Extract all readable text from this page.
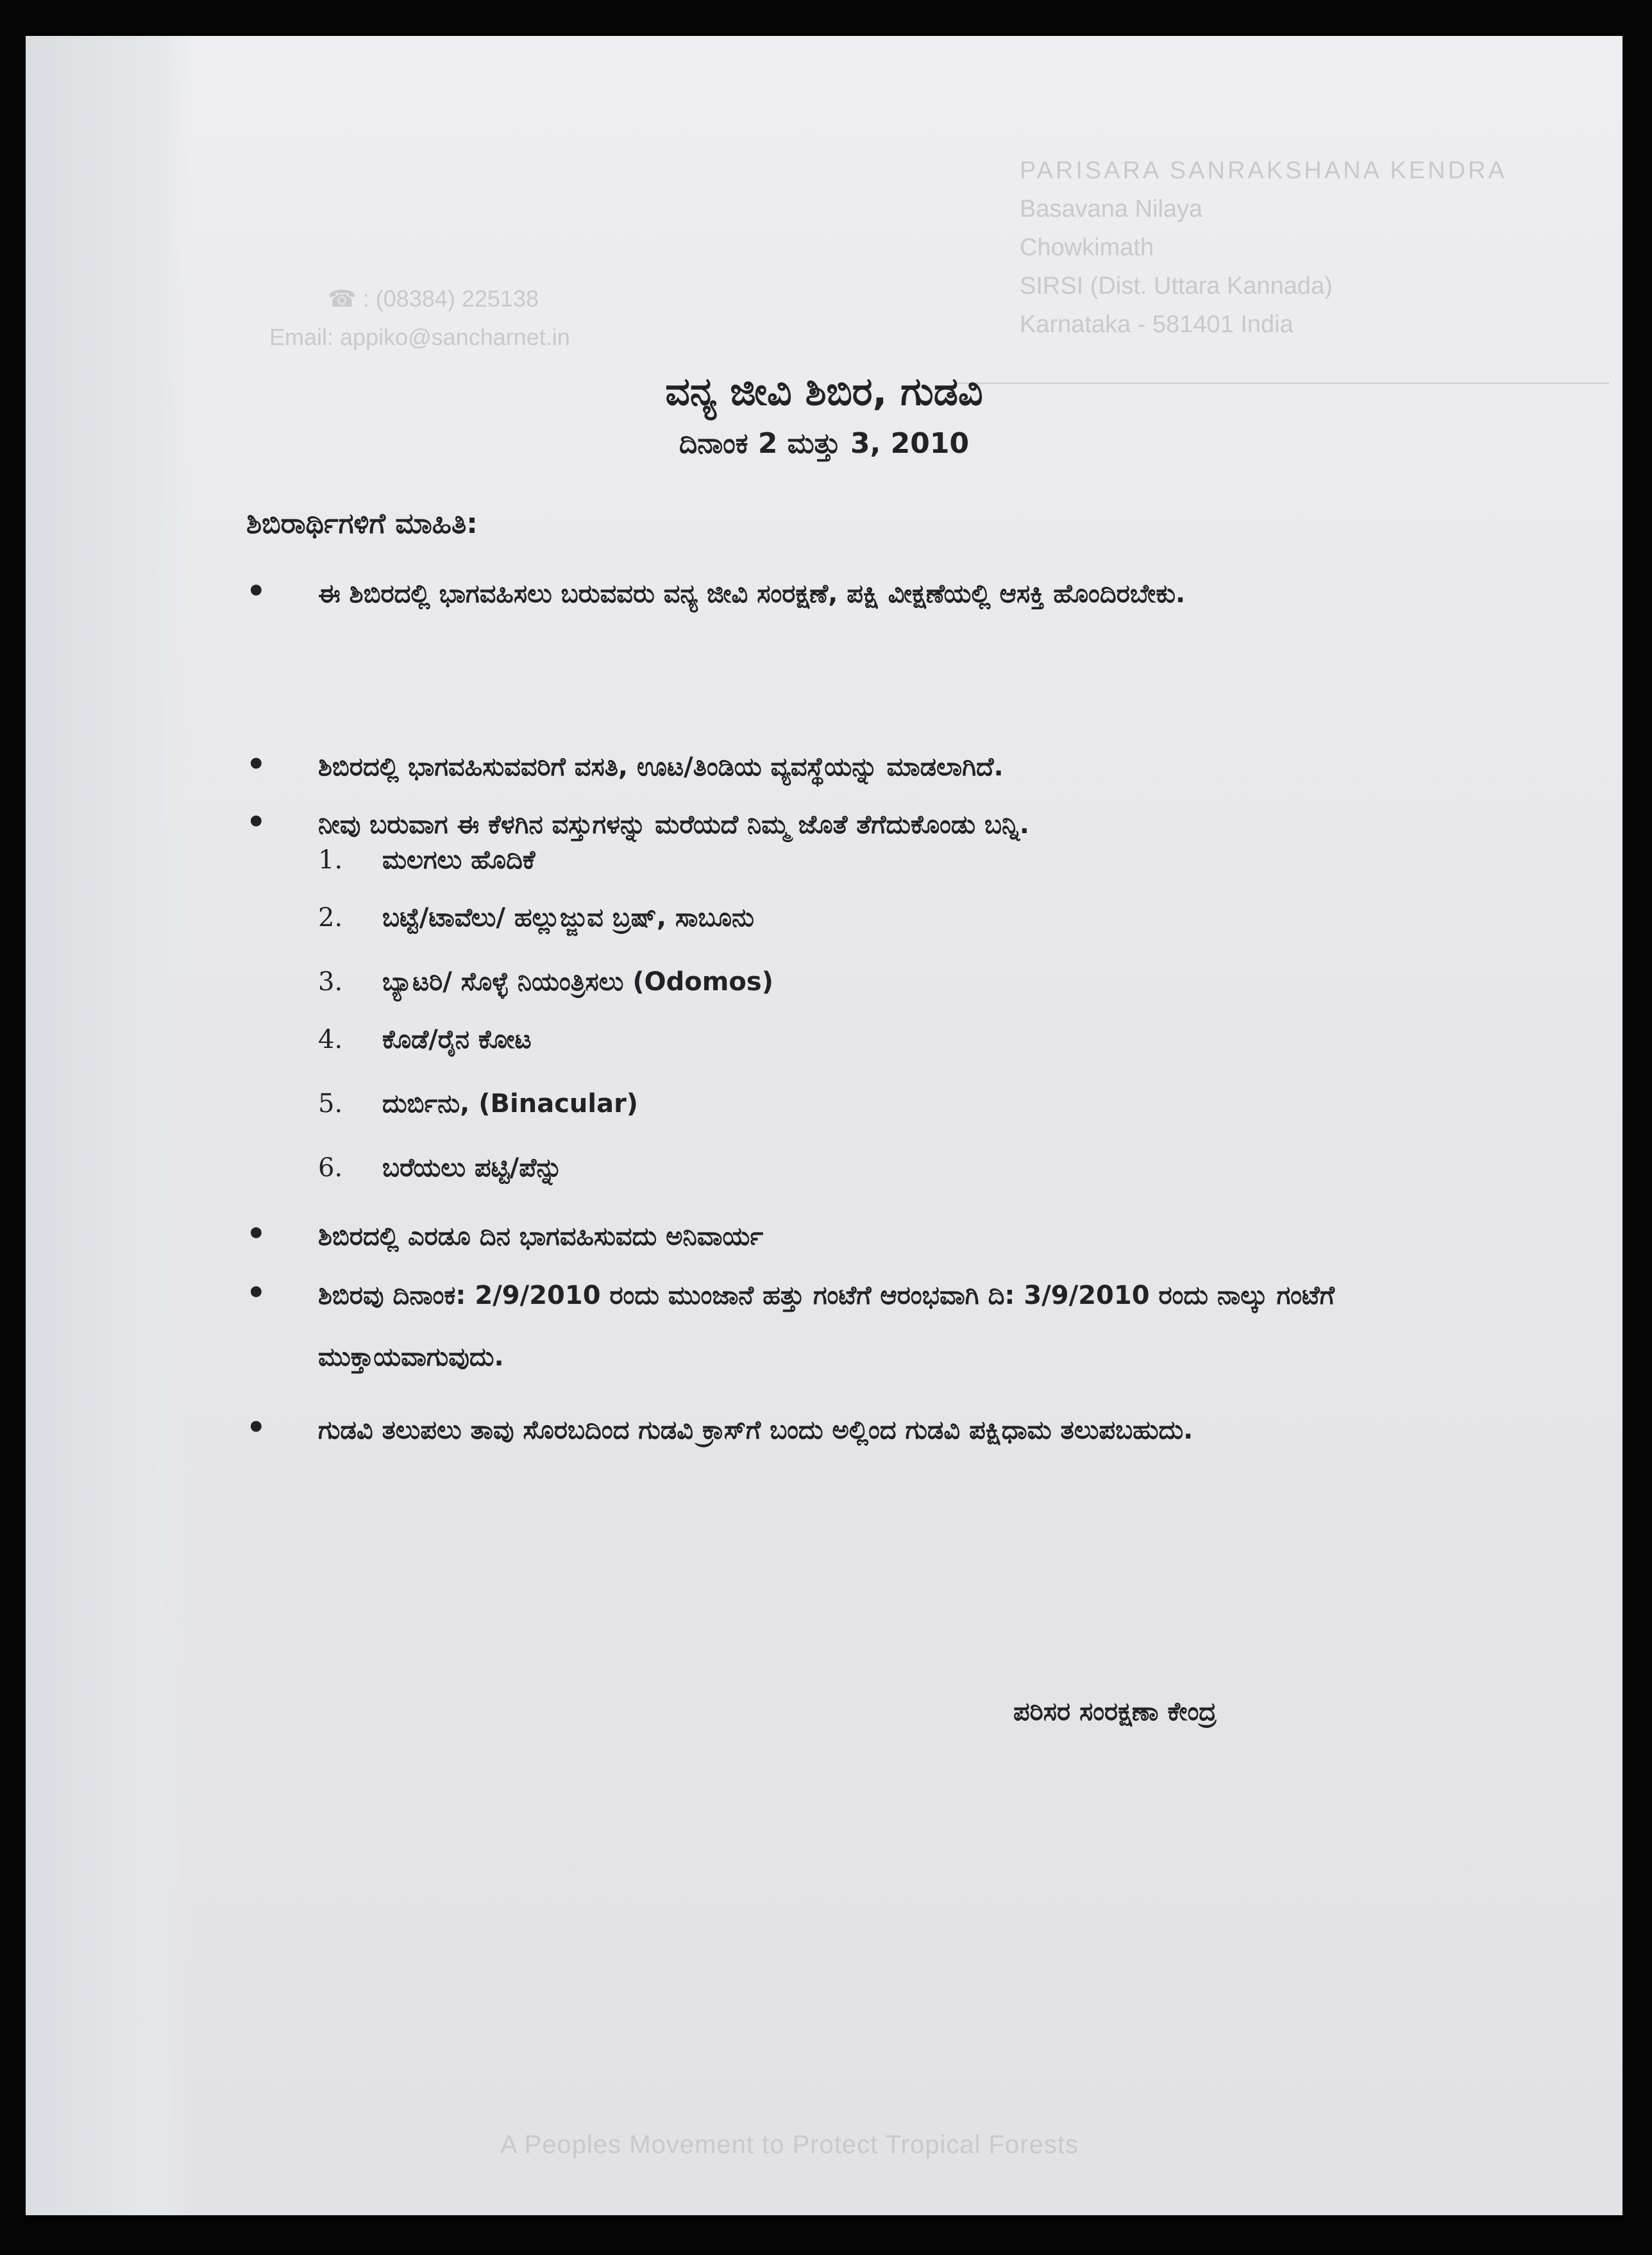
PARISARA SANRAKSHANA KENDRA
Basavana Nilaya
Chowkimath
SIRSI (Dist. Uttara Kannada)
Karnataka - 581401 India
☎ : (08384) 225138
Email: appiko@sancharnet.in
ವನ್ಯ ಜೀವಿ ಶಿಬಿರ, ಗುಡವಿ
ದಿನಾಂಕ 2 ಮತ್ತು 3, 2010
ಶಿಬಿರಾರ್ಥಿಗಳಿಗೆ ಮಾಹಿತಿ:
• ಈ ಶಿಬಿರದಲ್ಲಿ ಭಾಗವಹಿಸಲು ಬರುವವರು ವನ್ಯ ಜೀವಿ ಸಂರಕ್ಷಣೆ, ಪಕ್ಷಿ ವೀಕ್ಷಣೆಯಲ್ಲಿ ಆಸಕ್ತಿ ಹೊಂದಿರಬೇಕು.
• ಶಿಬಿರದಲ್ಲಿ ಭಾಗವಹಿಸುವವರಿಗೆ ವಸತಿ, ಊಟ/ತಿಂಡಿಯ ವ್ಯವಸ್ಥೆಯನ್ನು ಮಾಡಲಾಗಿದೆ.
• ನೀವು ಬರುವಾಗ ಈ ಕೆಳಗಿನ ವಸ್ತುಗಳನ್ನು ಮರೆಯದೆ ನಿಮ್ಮ ಜೊತೆ ತೆಗೆದುಕೊಂಡು ಬನ್ನಿ.
1. ಮಲಗಲು ಹೊದಿಕೆ
2. ಬಟ್ಟೆ/ಟಾವೆಲು/ ಹಲ್ಲುಜ್ಜುವ ಬ್ರಷ್, ಸಾಬೂನು
3. ಬ್ಯಾಟರಿ/ ಸೊಳ್ಳೆ ನಿಯಂತ್ರಿಸಲು (Odomos)
4. ಕೊಡೆ/ರೈನ ಕೋಟ
5. ದುರ್ಬಿನು, (Binacular)
6. ಬರೆಯಲು ಪಟ್ಟಿ/ಪೆನ್ನು
• ಶಿಬಿರದಲ್ಲಿ ಎರಡೂ ದಿನ ಭಾಗವಹಿಸುವದು ಅನಿವಾರ್ಯ
• ಶಿಬಿರವು ದಿನಾಂಕ: 2/9/2010 ರಂದು ಮುಂಜಾನೆ ಹತ್ತು ಗಂಟೆಗೆ ಆರಂಭವಾಗಿ ದಿ: 3/9/2010 ರಂದು ನಾಲ್ಕು ಗಂಟೆಗೆ ಮುಕ್ತಾಯವಾಗುವುದು.
• ಗುಡವಿ ತಲುಪಲು ತಾವು ಸೊರಬದಿಂದ ಗುಡವಿ ಕ್ರಾಸ್‌ಗೆ ಬಂದು ಅಲ್ಲಿಂದ ಗುಡವಿ ಪಕ್ಷಿಧಾಮ ತಲುಪಬಹುದು.
ಪರಿಸರ ಸಂರಕ್ಷಣಾ ಕೇಂದ್ರ
A Peoples Movement to Protect Tropical Forests
